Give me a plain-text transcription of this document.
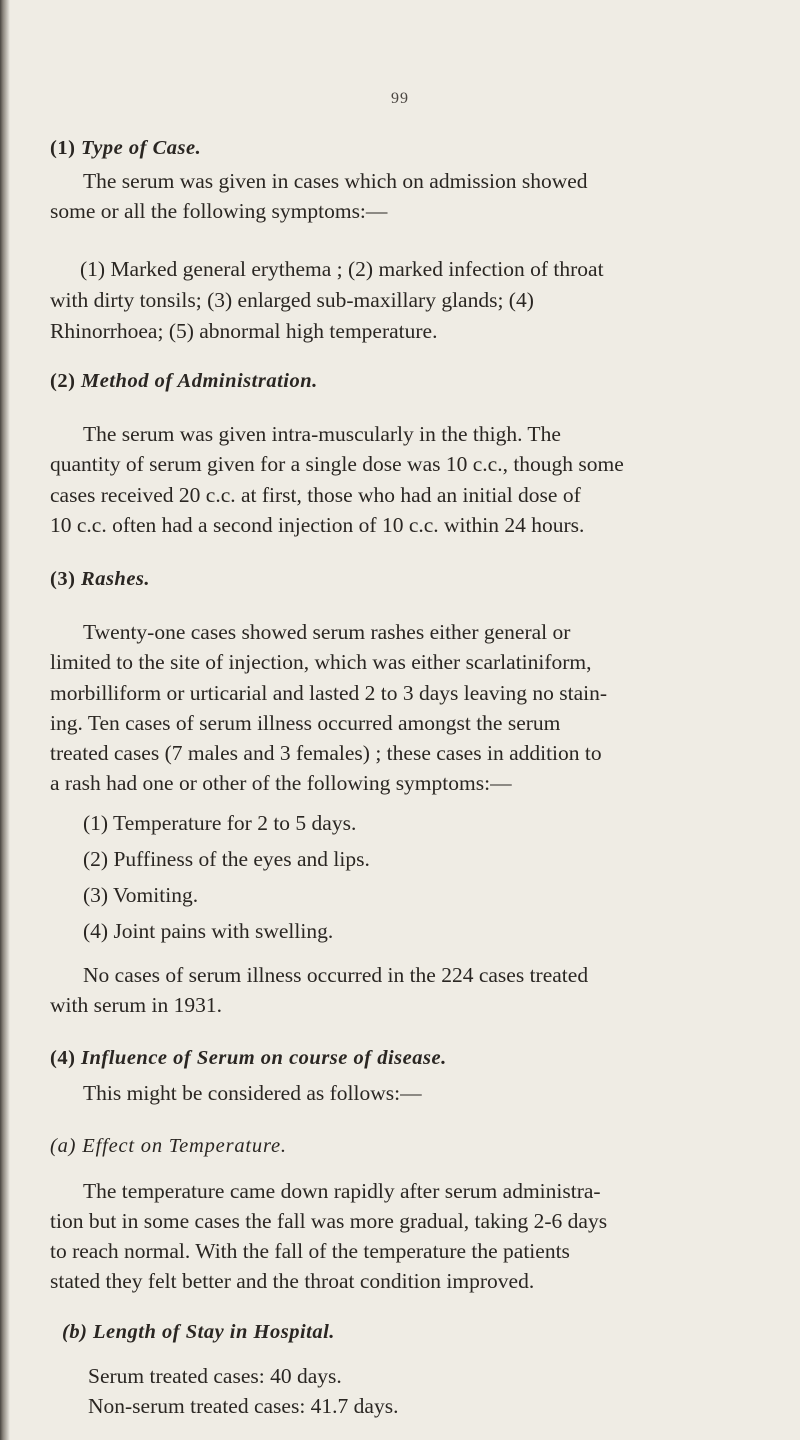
99
(1) Type of Case.
The serum was given in cases which on admission showed
some or all the following symptoms:—
(1) Marked general erythema ; (2) marked infection of throat
with dirty tonsils; (3) enlarged sub-maxillary glands; (4)
Rhinorrhoea; (5) abnormal high temperature.
(2) Method of Administration.
The serum was given intra-muscularly in the thigh. The
quantity of serum given for a single dose was 10 c.c., though some
cases received 20 c.c. at first, those who had an initial dose of
10 c.c. often had a second injection of 10 c.c. within 24 hours.
(3) Rashes.
Twenty-one cases showed serum rashes either general or
limited to the site of injection, which was either scarlatiniform,
morbilliform or urticarial and lasted 2 to 3 days leaving no stain-
ing. Ten cases of serum illness occurred amongst the serum
treated cases (7 males and 3 females) ; these cases in addition to
a rash had one or other of the following symptoms:—
(1) Temperature for 2 to 5 days.
(2) Puffiness of the eyes and lips.
(3) Vomiting.
(4) Joint pains with swelling.
No cases of serum illness occurred in the 224 cases treated
with serum in 1931.
(4) Influence of Serum on course of disease.
This might be considered as follows:—
(a) Effect on Temperature.
The temperature came down rapidly after serum administra-
tion but in some cases the fall was more gradual, taking 2-6 days
to reach normal. With the fall of the temperature the patients
stated they felt better and the throat condition improved.
(b) Length of Stay in Hospital.
Serum treated cases: 40 days.
Non-serum treated cases: 41.7 days.
